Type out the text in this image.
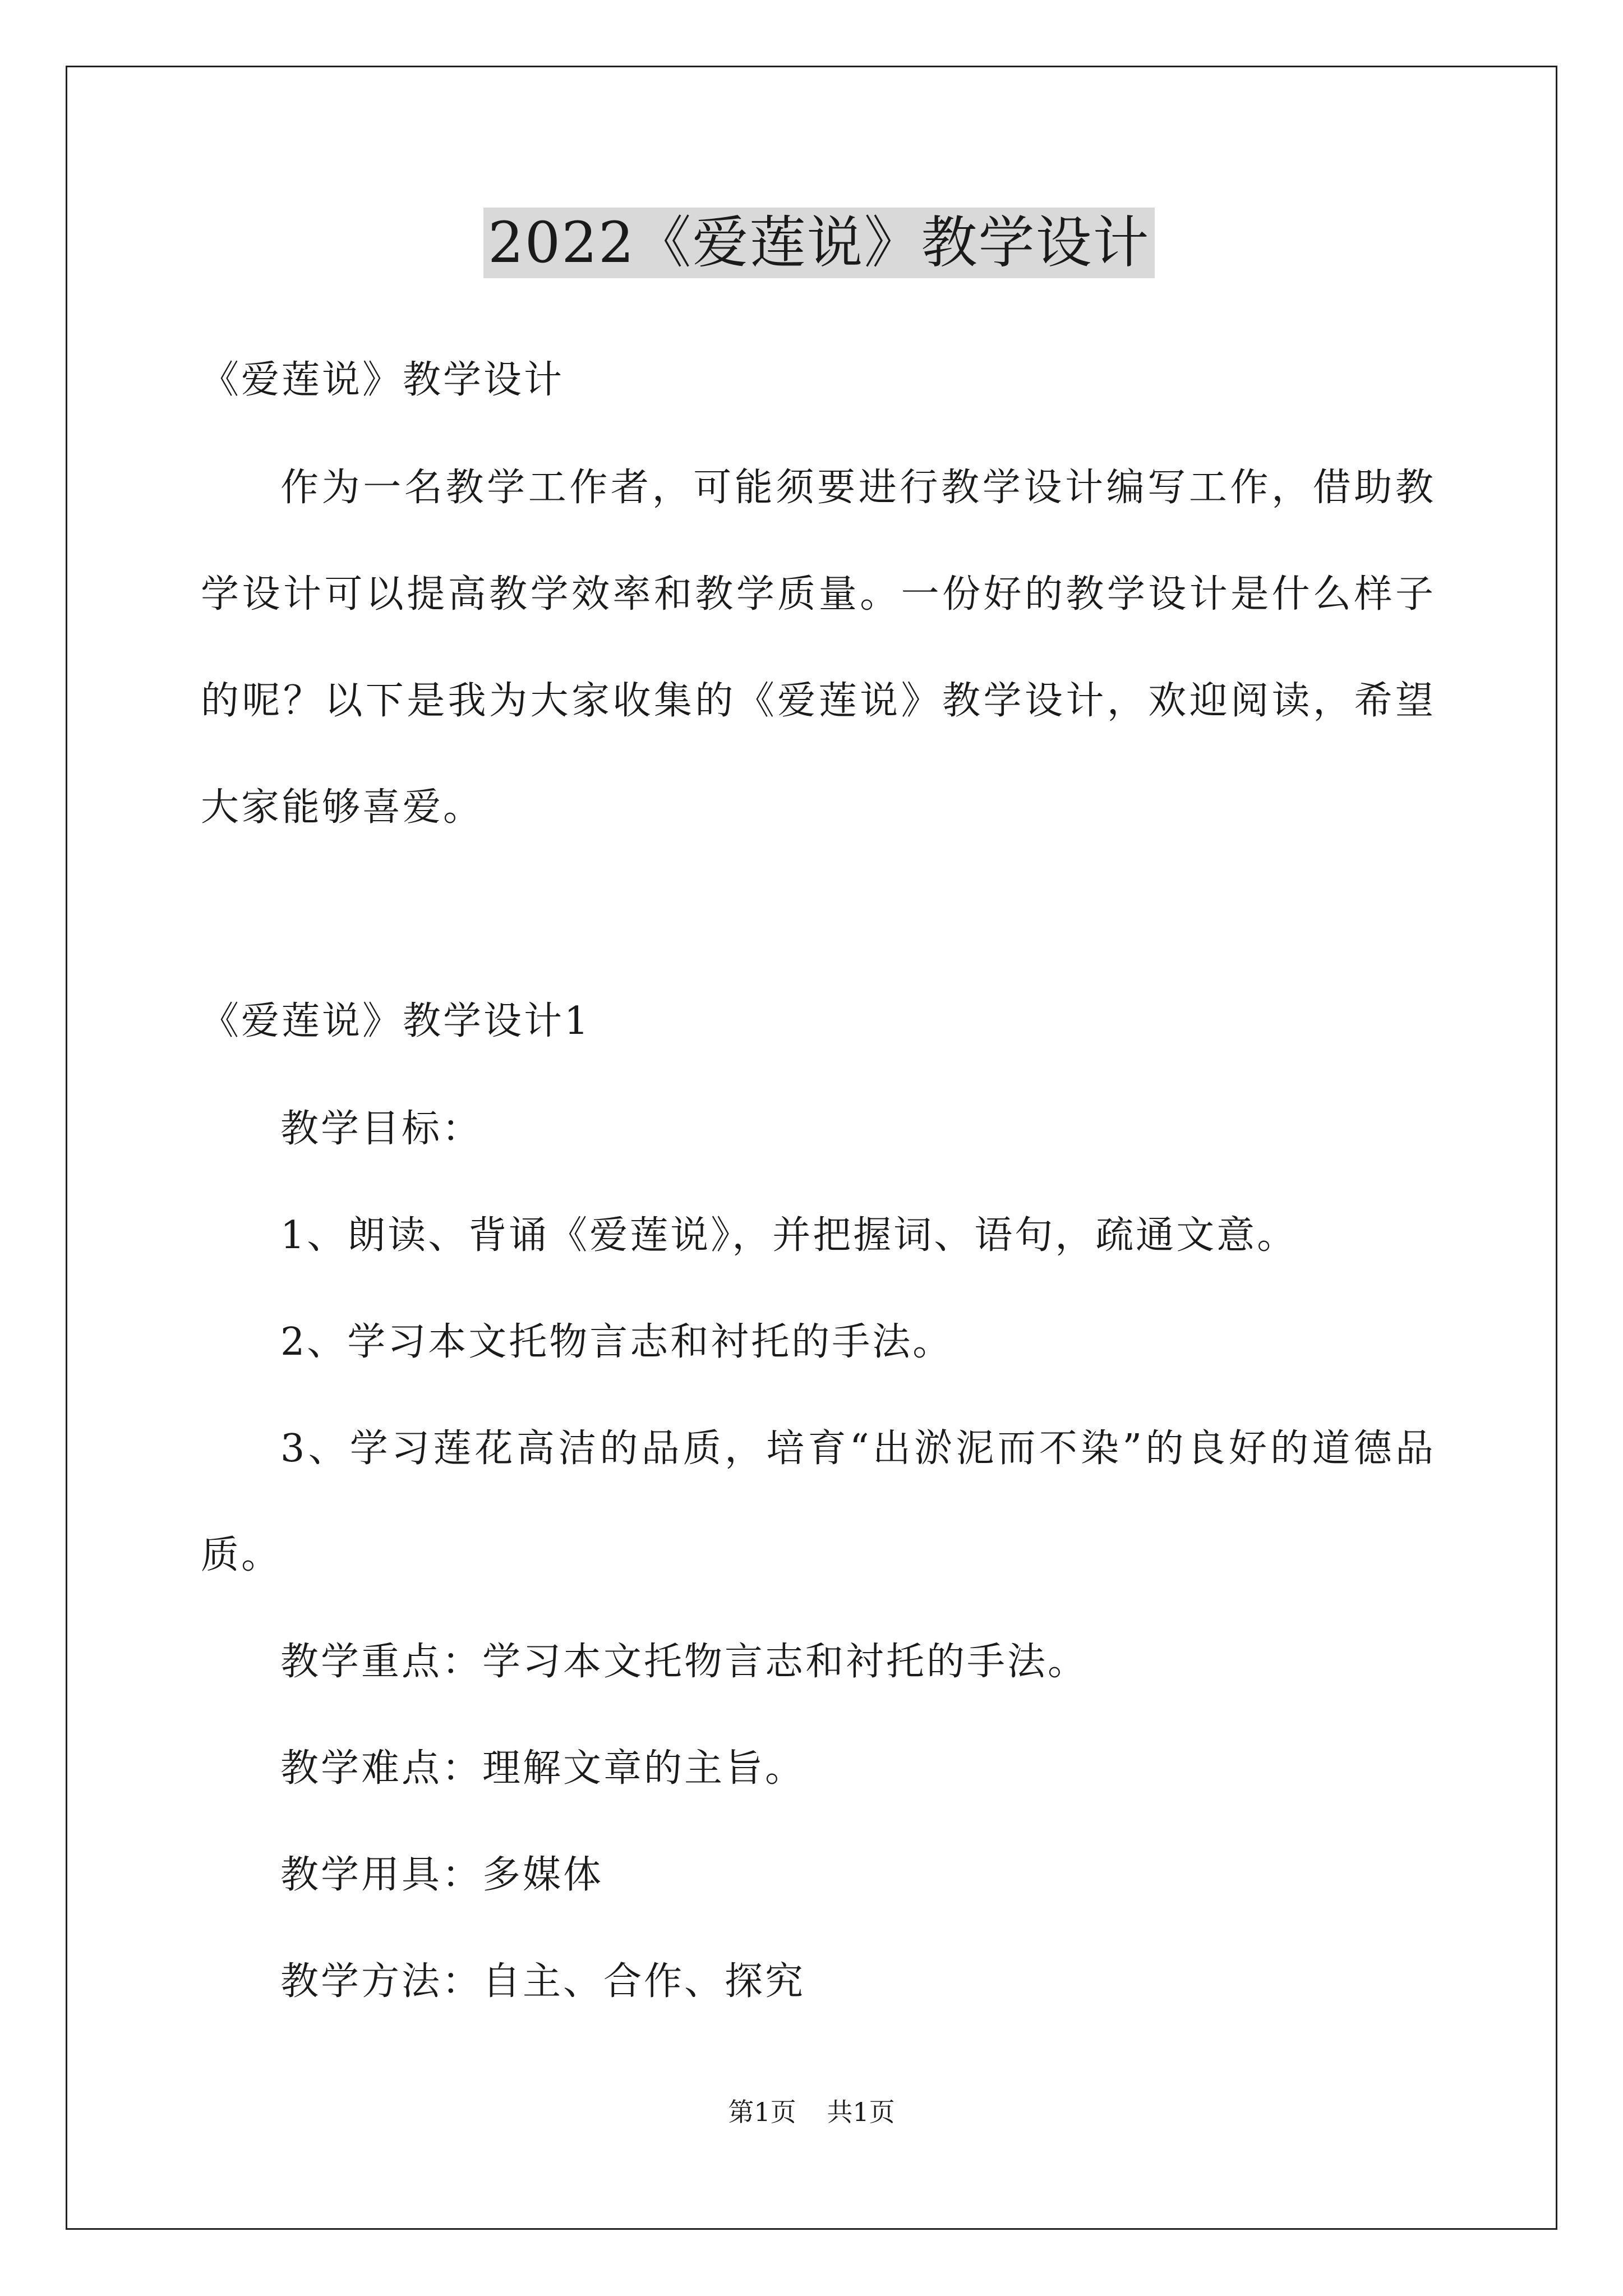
2022《爱莲说》教学设计
《爱莲说》教学设计
作为一名教学工作者，可能须要进行教学设计编写工作，借助教
学设计可以提高教学效率和教学质量。一份好的教学设计是什么样子
的呢？以下是我为大家收集的《爱莲说》教学设计，欢迎阅读，希望
大家能够喜爱。
《爱莲说》教学设计1
教学目标：
1、朗读、背诵《爱莲说》，并把握词、语句，疏通文意。
2、学习本文托物言志和衬托的手法。
3、学习莲花高洁的品质，培育“出淤泥而不染”的良好的道德品
质。
教学重点：学习本文托物言志和衬托的手法。
教学难点：理解文章的主旨。
教学用具：多媒体
教学方法：自主、合作、探究
第1页 共1页
